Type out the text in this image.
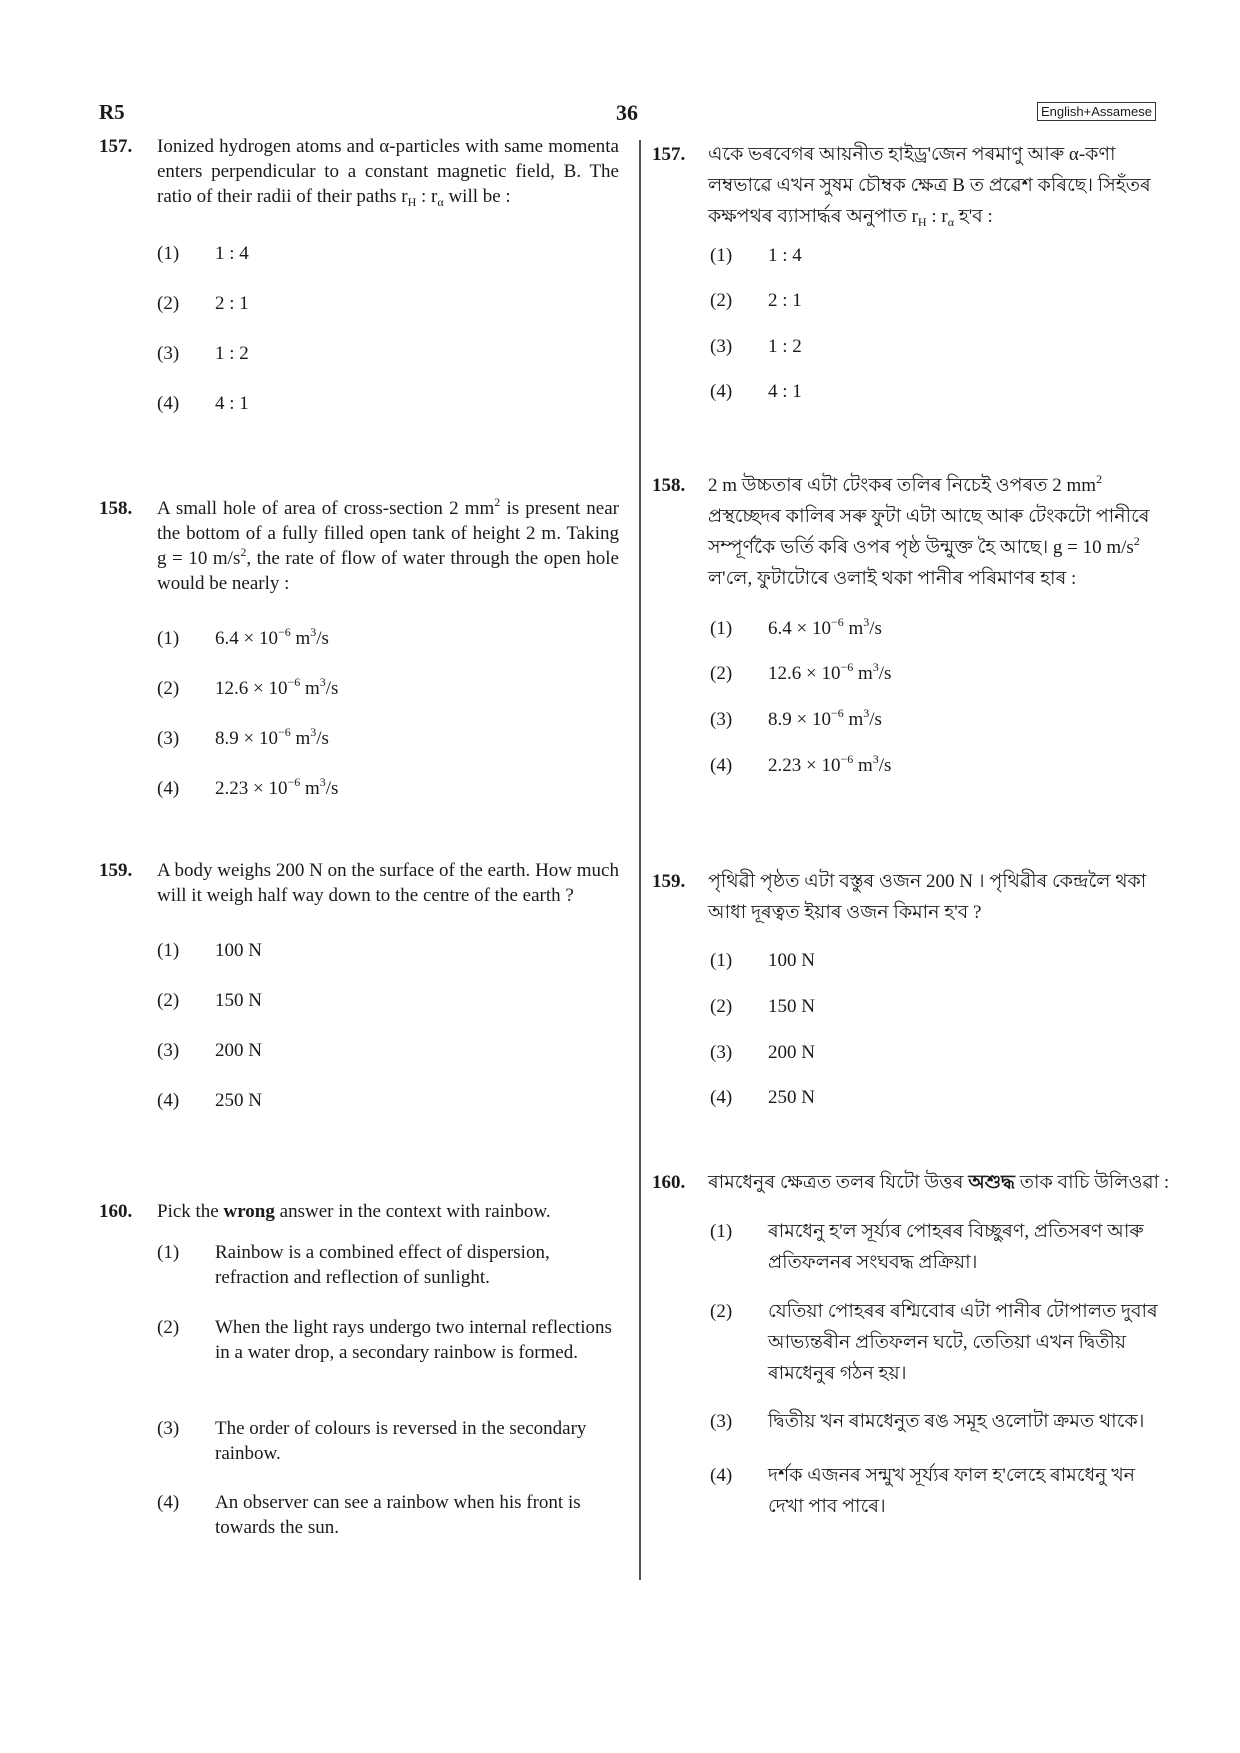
R5	36	English+Assamese
157. Ionized hydrogen atoms and α-particles with same momenta enters perpendicular to a constant magnetic field, B. The ratio of their radii of their paths $r_H$ : $r_\alpha$ will be :
(1) 1 : 4
(2) 2 : 1
(3) 1 : 2
(4) 4 : 1
158. A small hole of area of cross-section 2 $mm^2$ is present near the bottom of a fully filled open tank of height 2 m. Taking g = 10 $m/s^2$, the rate of flow of water through the open hole would be nearly :
(1) $6.4 \times 10^{-6}$ $m^3/s$
(2) $12.6 \times 10^{-6}$ $m^3/s$
(3) $8.9 \times 10^{-6}$ $m^3/s$
(4) $2.23 \times 10^{-6}$ $m^3/s$
159. A body weighs 200 N on the surface of the earth. How much will it weigh half way down to the centre of the earth ?
(1) 100 N
(2) 150 N
(3) 200 N
(4) 250 N
160. Pick the wrong answer in the context with rainbow.
(1) Rainbow is a combined effect of dispersion, refraction and reflection of sunlight.
(2) When the light rays undergo two internal reflections in a water drop, a secondary rainbow is formed.
(3) The order of colours is reversed in the secondary rainbow.
(4) An observer can see a rainbow when his front is towards the sun.
157. একে ভৰবেগৰ আয়নীত হাইড্ৰ'জেন পৰমাণু আৰু α-কণা লম্বভাৱে এখন সুষম চৌম্বক ক্ষেত্ৰ B ত প্ৰৱেশ কৰিছে। সিহঁতৰ কক্ষপথৰ ব্যাসাৰ্দ্ধৰ অনুপাত $r_H$ : $r_\alpha$ হ'ব :
(1) 1 : 4
(2) 2 : 1
(3) 1 : 2
(4) 4 : 1
158. 2 m উচ্চতাৰ এটা টেংকৰ তলিৰ নিচেই ওপৰত 2 $mm^2$ প্ৰস্থচ্ছেদৰ কালিৰ সৰু ফুটা এটা আছে আৰু টেংকটো পানীৰে সম্পূৰ্ণকৈ ভৰ্তি কৰি ওপৰ পৃষ্ঠ উন্মুক্ত হৈ আছে। g = 10 $m/s^2$ ল'লে, ফুটাটোৰে ওলাই থকা পানীৰ পৰিমাণৰ হাৰ :
(1) $6.4 \times 10^{-6}$ $m^3/s$
(2) $12.6 \times 10^{-6}$ $m^3/s$
(3) $8.9 \times 10^{-6}$ $m^3/s$
(4) $2.23 \times 10^{-6}$ $m^3/s$
159. পৃথিৱী পৃষ্ঠত এটা বস্তুৰ ওজন 200 N । পৃথিৱীৰ কেন্দ্ৰলৈ থকা আধা দূৰত্বত ইয়াৰ ওজন কিমান হ'ব ?
(1) 100 N
(2) 150 N
(3) 200 N
(4) 250 N
160. ৰামধেনুৰ ক্ষেত্ৰত তলৰ যিটো উত্তৰ অশুদ্ধ তাক বাচি উলিওৱা :
(1) ৰামধেনু হ'ল সূৰ্য্যৰ পোহৰৰ বিচ্ছুৰণ, প্ৰতিসৰণ আৰু প্ৰতিফলনৰ সংঘবদ্ধ প্ৰক্ৰিয়া।
(2) যেতিয়া পোহৰৰ ৰশ্মিবোৰ এটা পানীৰ টোপালত দুবাৰ আভ্যন্তৰীন প্ৰতিফলন ঘটে, তেতিয়া এখন দ্বিতীয় ৰামধেনুৰ গঠন হয়।
(3) দ্বিতীয় খন ৰামধেনুত ৰঙ সমূহ ওলোটা ক্ৰমত থাকে।
(4) দৰ্শক এজনৰ সন্মুখ সূৰ্য্যৰ ফাল হ'লেহে ৰামধেনু খন দেখা পাব পাৰে।
